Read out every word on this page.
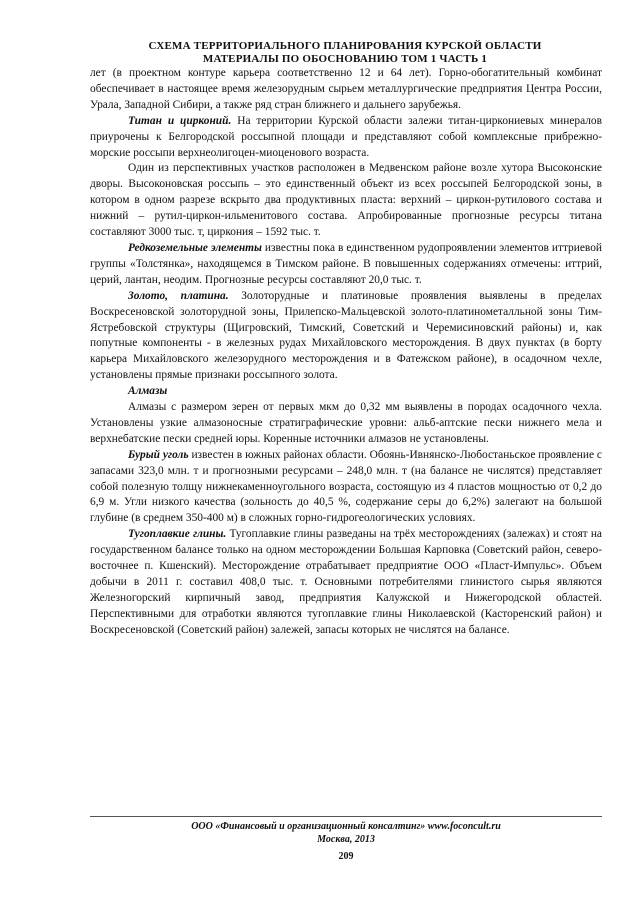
СХЕМА ТЕРРИТОРИАЛЬНОГО ПЛАНИРОВАНИЯ КУРСКОЙ ОБЛАСТИ
МАТЕРИАЛЫ ПО ОБОСНОВАНИЮ ТОМ 1 ЧАСТЬ 1

лет (в проектном контуре карьера соответственно 12 и 64 лет). Горно-обогатительный комбинат обеспечивает в настоящее время железорудным сырьем металлургические предприятия Центра России, Урала, Западной Сибири, а также ряд стран ближнего и дальнего зарубежья.

Титан и цирконий. На территории Курской области залежи титан-циркониевых минералов приурочены к Белгородской россыпной площади и представляют собой комплексные прибрежно-морские россыпи верхнеолигоцен-миоценового возраста.

Один из перспективных участков расположен в Медвенском районе возле хутора Высоконские дворы. Высоконовская россыпь – это единственный объект из всех россыпей Белгородской зоны, в котором в одном разрезе вскрыто два продуктивных пласта: верхний – циркон-рутилового состава и нижний – рутил-циркон-ильменитового состава. Апробированные прогнозные ресурсы титана составляют 3000 тыс. т, циркония – 1592 тыс. т.

Редкоземельные элементы известны пока в единственном рудопроявлении элементов иттриевой группы «Толстянка», находящемся в Тимском районе. В повышенных содержаниях отмечены: иттрий, церий, лантан, неодим. Прогнозные ресурсы составляют 20,0 тыс. т.

Золото, платина. Золоторудные и платиновые проявления выявлены в пределах Воскресеновской золоторудной зоны, Прилепско-Мальцевской золото-платинометалльной зоны Тим-Ястребовской структуры (Щигровский, Тимский, Советский и Черемисиновский районы) и, как попутные компоненты - в железных рудах Михайловского месторождения. В двух пунктах (в борту карьера Михайловского железорудного месторождения и в Фатежском районе), в осадочном чехле, установлены прямые признаки россыпного золота.

Алмазы

Алмазы с размером зерен от первых мкм до 0,32 мм выявлены в породах осадочного чехла. Установлены узкие алмазоносные стратиграфические уровни: альб-аптские пески нижнего мела и верхнебатские пески средней юры. Коренные источники алмазов не установлены.

Бурый уголь известен в южных районах области. Обоянь-Ивнянско-Любостаньское проявление с запасами 323,0 млн. т и прогнозными ресурсами – 248,0 млн. т (на балансе не числятся) представляет собой полезную толщу нижнекаменноугольного возраста, состоящую из 4 пластов мощностью от 0,2 до 6,9 м. Угли низкого качества (зольность до 40,5 %, содержание серы до 6,2%) залегают на большой глубине (в среднем 350-400 м) в сложных горно-гидрогеологических условиях.

Тугоплавкие глины. Тугоплавкие глины разведаны на трёх месторождениях (залежах) и стоят на государственном балансе только на одном месторождении Большая Карповка (Советский район, северо-восточнее п. Кшенский). Месторождение отрабатывает предприятие ООО «Пласт-Импульс». Объем добычи в 2011 г. составил 408,0 тыс. т. Основными потребителями глинистого сырья являются Железногорский кирпичный завод, предприятия Калужской и Нижегородской областей. Перспективными для отработки являются тугоплавкие глины Николаевской (Касторенский район) и Воскресеновской (Советский район) залежей, запасы которых не числятся на балансе.

ООО «Финансовый и организационный консалтинг» www.foconcult.ru
Москва, 2013
209
